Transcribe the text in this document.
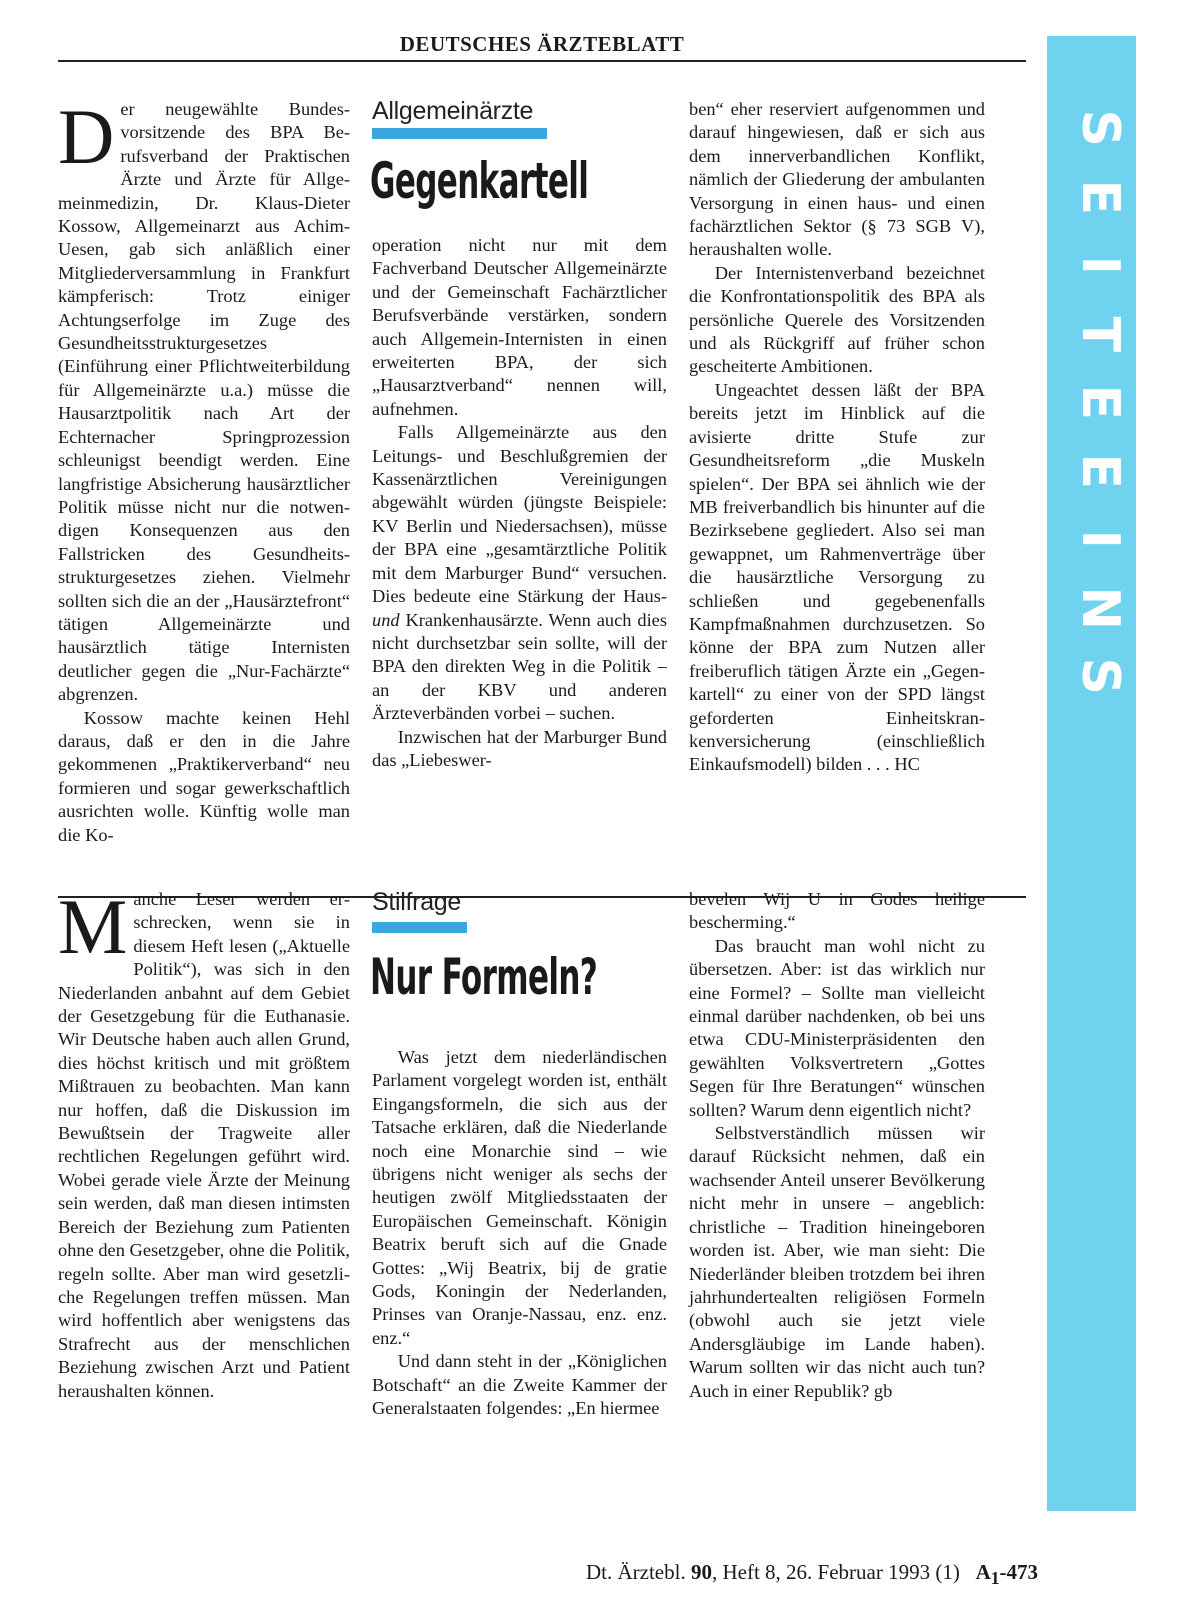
DEUTSCHES ÄRZTEBLATT
S
E
I
T
E
E
I
N
S

Der neugewählte Bundesvorsitzende des BPA Berufsverband der Praktischen Ärzte und Ärzte für Allgemeinmedizin, Dr. Klaus-Dieter Kossow, Allgemeinarzt aus Achim-Uesen, gab sich anläßlich einer Mitgliederversammlung in Frankfurt kämpferisch: Trotz einiger Achtungserfolge im Zuge des Gesundheitsstrukturgesetzes (Einführung einer Pflichtweiterbildung für Allgemeinärzte u.a.) müsse die Hausarztpolitik nach Art der Echternacher Springprozession schleunigst beendigt werden. Eine langfristige Absicherung hausärztlicher Politik müsse nicht nur die notwendigen Konsequenzen aus den Fallstricken des Gesundheitsstrukturgesetzes ziehen. Vielmehr sollten sich die an der „Hausärztefront“ tätigen Allgemeinärzte und hausärztlich tätige Internisten deutlicher gegen die „Nur-Fachärzte“ abgrenzen.

Kossow machte keinen Hehl daraus, daß er den in die Jahre gekommenen „Praktikerverband“ neu formieren und sogar gewerkschaftlich ausrichten wolle. Künftig wolle man die Ko-

Allgemeinärzte
Gegenkartell

operation nicht nur mit dem Fachverband Deutscher Allgemeinärzte und der Gemeinschaft Fachärztlicher Berufsverbände verstärken, sondern auch Allgemein-Internisten in einen erweiterten BPA, der sich „Hausarztverband“ nennen will, aufnehmen.

Falls Allgemeinärzte aus den Leitungs- und Beschlußgremien der Kassenärztlichen Vereinigungen abgewählt würden (jüngste Beispiele: KV Berlin und Niedersachsen), müsse der BPA eine „gesamtärztliche Politik mit dem Marburger Bund“ versuchen. Dies bedeute eine Stärkung der Haus- und Krankenhausärzte. Wenn auch dies nicht durchsetzbar sein sollte, will der BPA den direkten Weg in die Politik – an der KBV und anderen Ärzteverbänden vorbei – suchen.

Inzwischen hat der Marburger Bund das „Liebeswer-

ben“ eher reserviert aufgenommen und darauf hingewiesen, daß er sich aus dem innerverbandlichen Konflikt, nämlich der Gliederung der ambulanten Versorgung in einen haus- und einen fachärztlichen Sektor (§ 73 SGB V), heraushalten wolle.

Der Internistenverband bezeichnet die Konfrontationspolitik des BPA als persönliche Querele des Vorsitzenden und als Rückgriff auf früher schon gescheiterte Ambitionen.

Ungeachtet dessen läßt der BPA bereits jetzt im Hinblick auf die avisierte dritte Stufe zur Gesundheitsreform „die Muskeln spielen“. Der BPA sei ähnlich wie der MB freiverbandlich bis hinunter auf die Bezirksebene gegliedert. Also sei man gewappnet, um Rahmenverträge über die hausärztliche Versorgung zu schließen und gegebenenfalls Kampfmaßnahmen durchzusetzen. So könne der BPA zum Nutzen aller freiberuflich tätigen Ärzte ein „Gegenkartell“ zu einer von der SPD längst geforderten Einheitskrankenversicherung (einschließlich Einkaufsmodell) bilden . . . HC

Manche Leser werden erschrecken, wenn sie in diesem Heft lesen („Aktuelle Politik“), was sich in den Niederlanden anbahnt auf dem Gebiet der Gesetzgebung für die Euthanasie. Wir Deutsche haben auch allen Grund, dies höchst kritisch und mit größtem Mißtrauen zu beobachten. Man kann nur hoffen, daß die Diskussion im Bewußtsein der Tragweite aller rechtlichen Regelungen geführt wird. Wobei gerade viele Ärzte der Meinung sein werden, daß man diesen intimsten Bereich der Beziehung zum Patienten ohne den Gesetzgeber, ohne die Politik, regeln sollte. Aber man wird gesetzliche Regelungen treffen müssen. Man wird hoffentlich aber wenigstens das Strafrecht aus der menschlichen Beziehung zwischen Arzt und Patient heraushalten können.

Stilfrage
Nur Formeln?

Was jetzt dem niederländischen Parlament vorgelegt worden ist, enthält Eingangsformeln, die sich aus der Tatsache erklären, daß die Niederlande noch eine Monarchie sind – wie übrigens nicht weniger als sechs der heutigen zwölf Mitgliedsstaaten der Europäischen Gemeinschaft. Königin Beatrix beruft sich auf die Gnade Gottes: „Wij Beatrix, bij de gratie Gods, Koningin der Nederlanden, Prinses van Oranje-Nassau, enz. enz. enz.“

Und dann steht in der „Königlichen Botschaft“ an die Zweite Kammer der Generalstaaten folgendes: „En hiermee

bevelen Wij U in Godes heilige bescherming.“

Das braucht man wohl nicht zu übersetzen. Aber: ist das wirklich nur eine Formel? – Sollte man vielleicht einmal darüber nachdenken, ob bei uns etwa CDU-Ministerpräsidenten den gewählten Volksvertretern „Gottes Segen für Ihre Beratungen“ wünschen sollten? Warum denn eigentlich nicht?

Selbstverständlich müssen wir darauf Rücksicht nehmen, daß ein wachsender Anteil unserer Bevölkerung nicht mehr in unsere – angeblich: christliche – Tradition hineingeboren worden ist. Aber, wie man sieht: Die Niederländer bleiben trotzdem bei ihren jahrhundertealten religiösen Formeln (obwohl auch sie jetzt viele Andersgläubige im Lande haben). Warum sollten wir das nicht auch tun? Auch in einer Republik? gb

Dt. Ärztebl. 90, Heft 8, 26. Februar 1993 (1) $A_1-473$
